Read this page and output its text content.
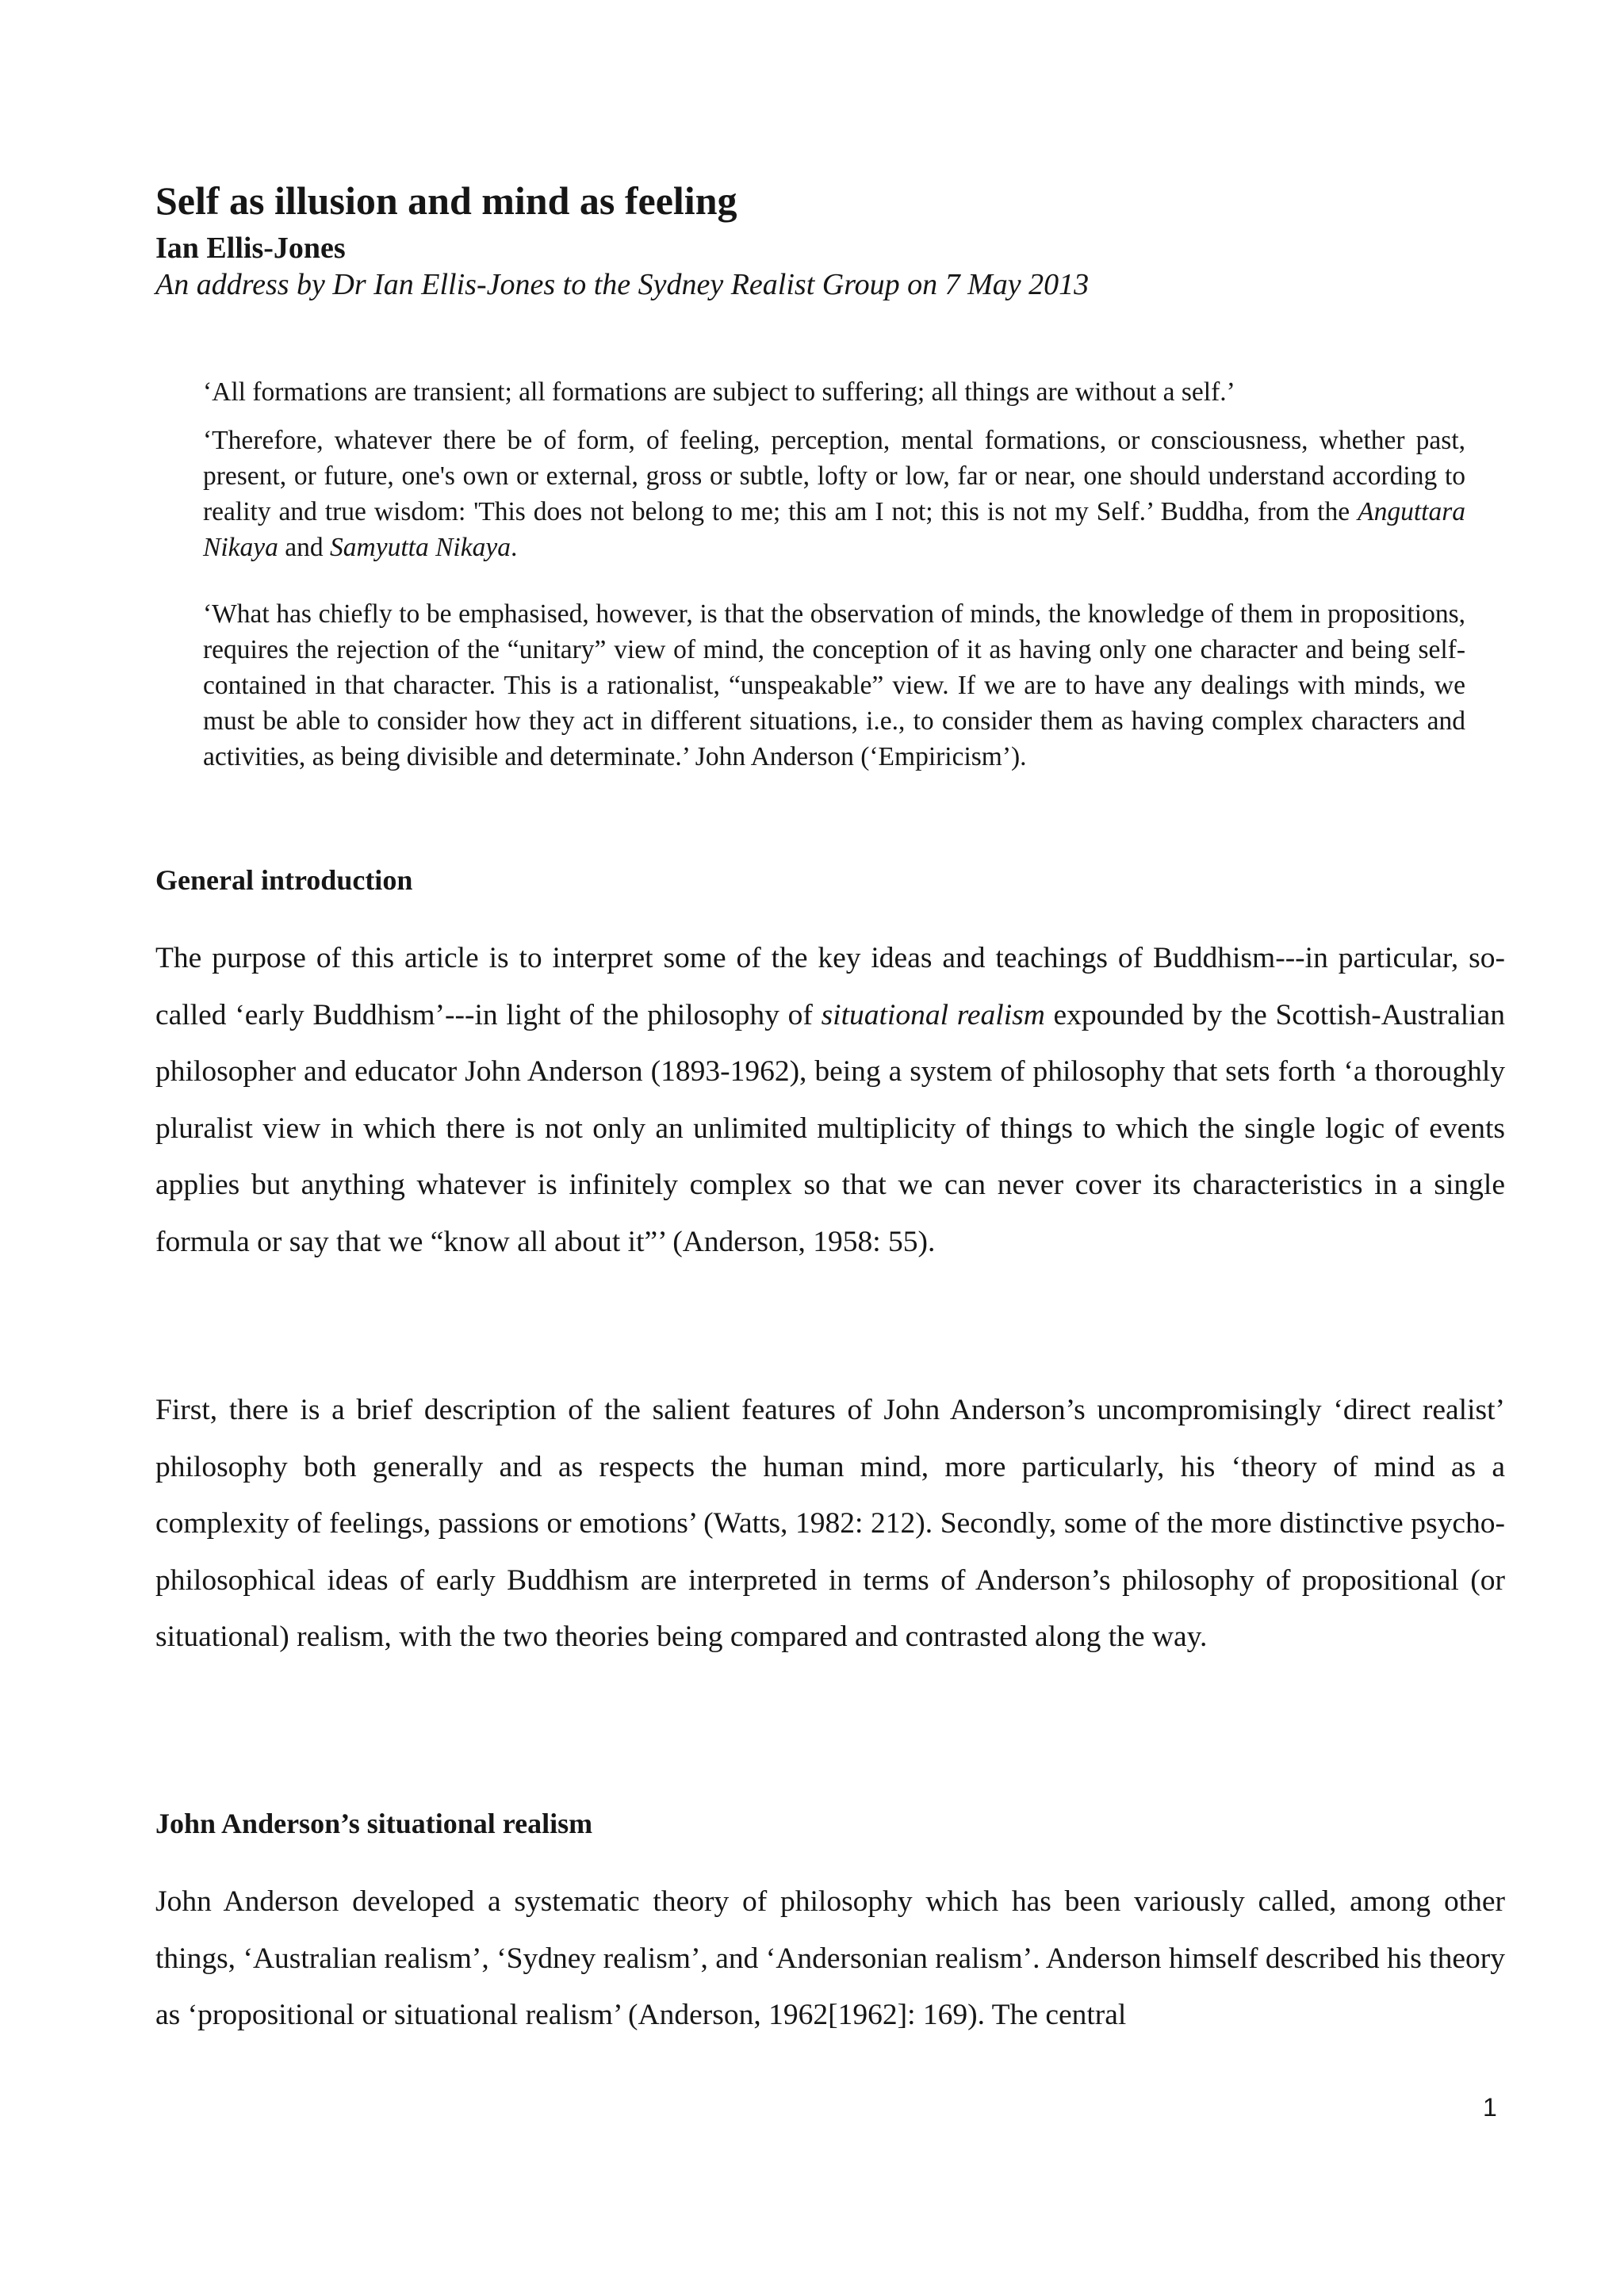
Self as illusion and mind as feeling
Ian Ellis-Jones
An address by Dr Ian Ellis-Jones to the Sydney Realist Group on 7 May 2013

‘All formations are transient; all formations are subject to suffering; all things are without a self.’

‘Therefore, whatever there be of form, of feeling, perception, mental formations, or consciousness, whether past, present, or future, one's own or external, gross or subtle, lofty or low, far or near, one should understand according to reality and true wisdom: 'This does not belong to me; this am I not; this is not my Self.’ Buddha, from the Anguttara Nikaya and Samyutta Nikaya.

‘What has chiefly to be emphasised, however, is that the observation of minds, the knowledge of them in propositions, requires the rejection of the “unitary” view of mind, the conception of it as having only one character and being self-contained in that character. This is a rationalist, “unspeakable” view. If we are to have any dealings with minds, we must be able to consider how they act in different situations, i.e., to consider them as having complex characters and activities, as being divisible and determinate.’ John Anderson (‘Empiricism’).

General introduction

The purpose of this article is to interpret some of the key ideas and teachings of Buddhism---in particular, so-called ‘early Buddhism’---in light of the philosophy of situational realism expounded by the Scottish-Australian philosopher and educator John Anderson (1893-1962), being a system of philosophy that sets forth ‘a thoroughly pluralist view in which there is not only an unlimited multiplicity of things to which the single logic of events applies but anything whatever is infinitely complex so that we can never cover its characteristics in a single formula or say that we “know all about it”’ (Anderson, 1958: 55).

First, there is a brief description of the salient features of John Anderson’s uncompromisingly ‘direct realist’ philosophy both generally and as respects the human mind, more particularly, his ‘theory of mind as a complexity of feelings, passions or emotions’ (Watts, 1982: 212). Secondly, some of the more distinctive psycho-philosophical ideas of early Buddhism are interpreted in terms of Anderson’s philosophy of propositional (or situational) realism, with the two theories being compared and contrasted along the way.

John Anderson’s situational realism

John Anderson developed a systematic theory of philosophy which has been variously called, among other things, ‘Australian realism’, ‘Sydney realism’, and ‘Andersonian realism’. Anderson himself described his theory as ‘propositional or situational realism’ (Anderson, 1962[1962]: 169). The central

1
